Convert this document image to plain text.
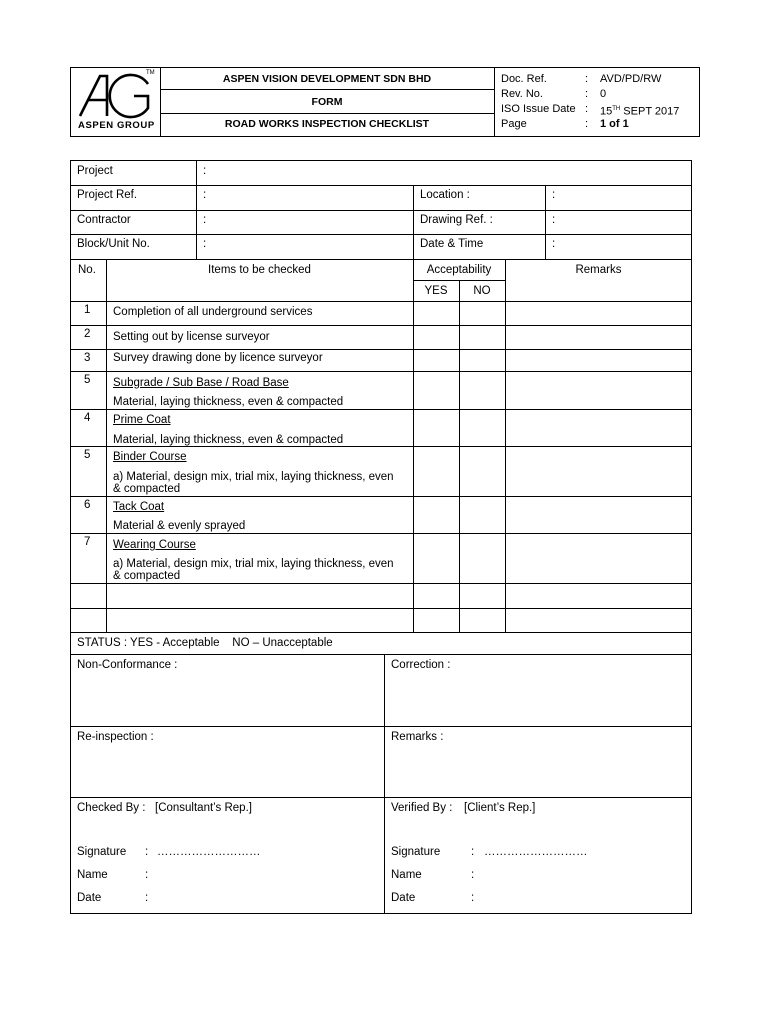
TM
ASPEN GROUP
ASPEN VISION DEVELOPMENT SDN BHD
FORM
ROAD WORKS INSPECTION CHECKLIST
Doc. Ref.	: AVD/PD/RW
Rev. No.	: 0
ISO Issue Date : 15TH SEPT 2017
Page	: 1 of 1
Project	:
Project Ref.	:	Location :	:
Contractor	:	Drawing Ref. :	:
Block/Unit No.	:	Date & Time	:
No.	Items to be checked	Acceptability	Remarks
YES	NO
1 Completion of all underground services
2 Setting out by license surveyor
3 Survey drawing done by licence surveyor
5 Subgrade / Sub Base / Road Base
Material, laying thickness, even & compacted
4 Prime Coat
Material, laying thickness, even & compacted
5 Binder Course
a) Material, design mix, trial mix, laying thickness, even & compacted
6 Tack Coat
Material & evenly sprayed
7 Wearing Course
a) Material, design mix, trial mix, laying thickness, even & compacted
STATUS : YES - Acceptable    NO – Unacceptable
Non-Conformance :	Correction :
Re-inspection :	Remarks :
Checked By : [Consultant’s Rep.]	Verified By : [Client’s Rep.]
Signature : ………………………
Name	:
Date	:
Signature	: ………………………
Name	:
Date	:
